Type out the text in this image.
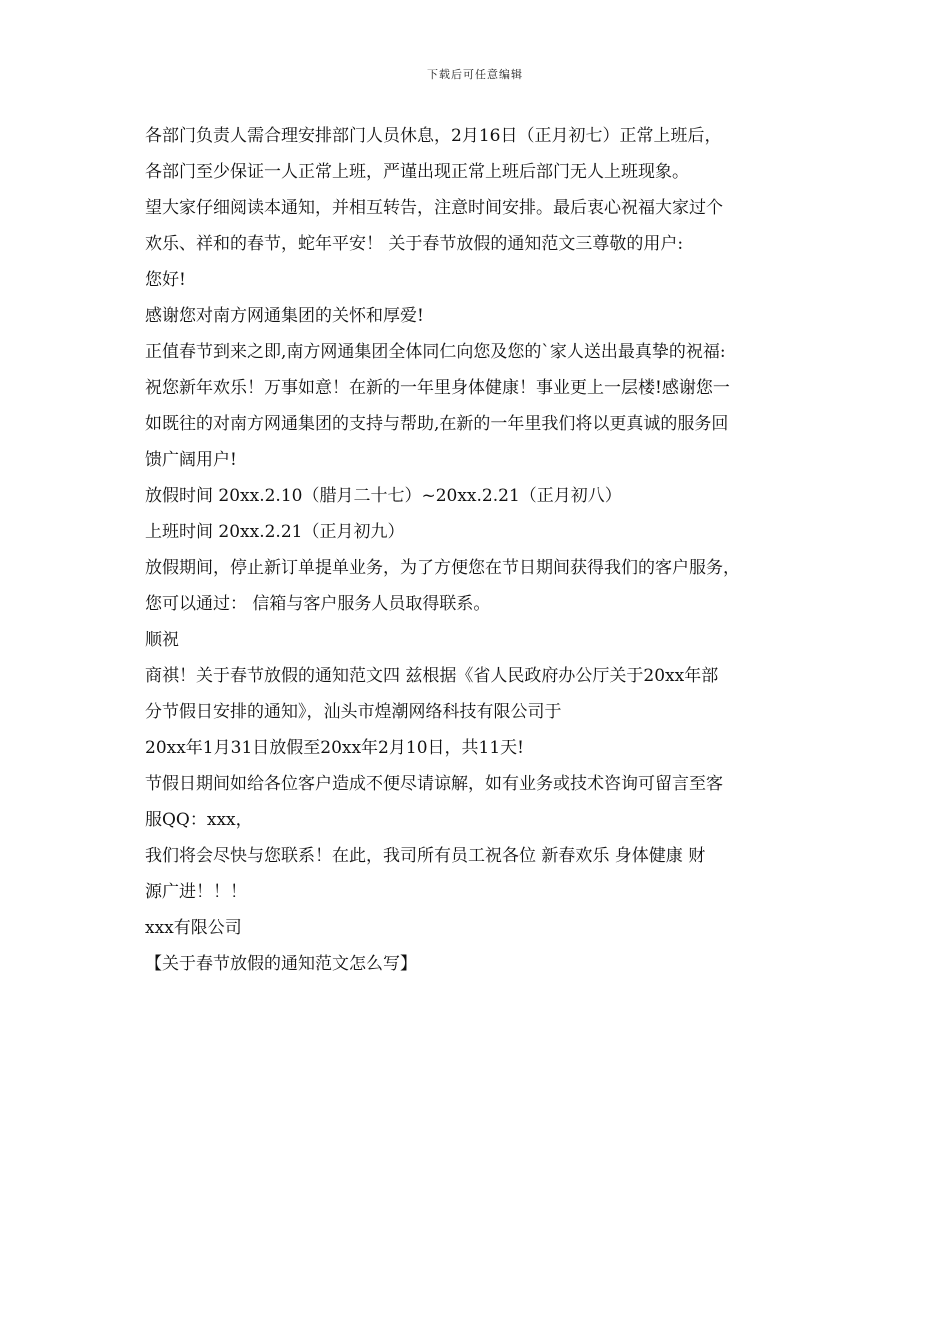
下载后可任意编辑
各部门负责人需合理安排部门人员休息，2月16日（正月初七）正常上班后，
各部门至少保证一人正常上班，严谨出现正常上班后部门无人上班现象。
望大家仔细阅读本通知，并相互转告，注意时间安排。最后衷心祝福大家过个
欢乐、祥和的春节，蛇年平安！ 关于春节放假的通知范文三尊敬的用户:
您好!
感谢您对南方网通集团的关怀和厚爱!
正值春节到来之即,南方网通集团全体同仁向您及您的`家人送出最真挚的祝福:
祝您新年欢乐！万事如意！在新的一年里身体健康！事业更上一层楼!感谢您一
如既往的对南方网通集团的支持与帮助,在新的一年里我们将以更真诚的服务回
馈广阔用户!
放假时间 20xx.2.10（腊月二十七）~20xx.2.21（正月初八）
上班时间 20xx.2.21（正月初九）
放假期间，停止新订单提单业务，为了方便您在节日期间获得我们的客户服务，
您可以通过： 信箱与客户服务人员取得联系。
顺祝
商祺！关于春节放假的通知范文四 兹根据《省人民政府办公厅关于20xx年部
分节假日安排的通知》，汕头市煌潮网络科技有限公司于
20xx年1月31日放假至20xx年2月10日，共11天!
节假日期间如给各位客户造成不便尽请谅解，如有业务或技术咨询可留言至客
服QQ：xxx，
我们将会尽快与您联系！在此，我司所有员工祝各位 新春欢乐 身体健康 财
源广进！！！
xxx有限公司
【关于春节放假的通知范文怎么写】
